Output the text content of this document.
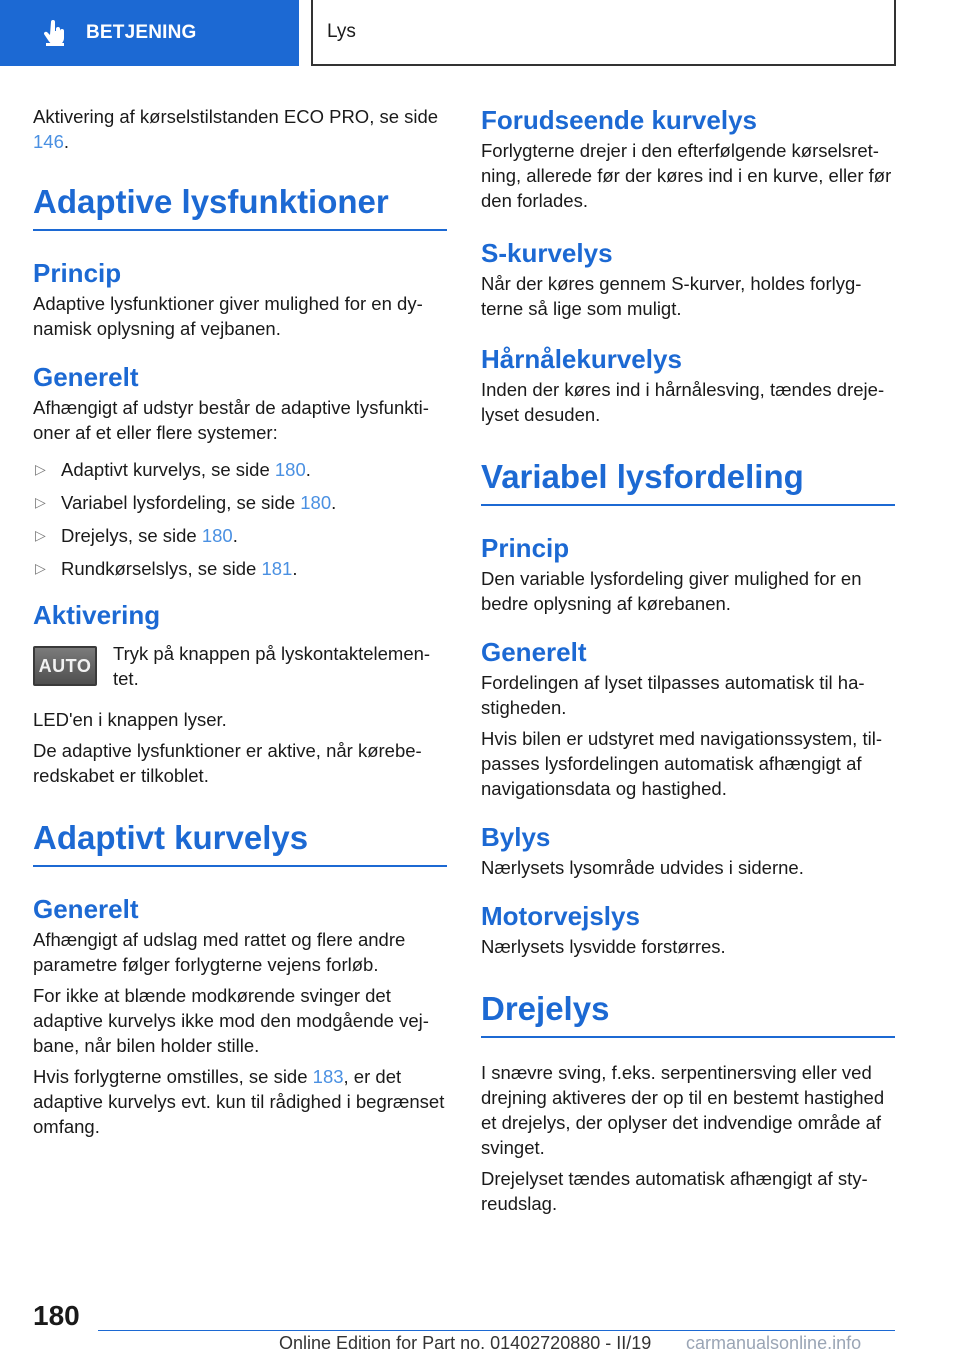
BETJENING	Lys

Aktivering af kørselstilstanden ECO PRO, se side 146.

Adaptive lysfunktioner
Princip

Adaptive lysfunktioner giver mulighed for en dynamisk oplysning af vejbanen.

Generelt

Afhængigt af udstyr består de adaptive lysfunktioner af et eller flere systemer:

▷ Adaptivt kurvelys, se side 180.
▷ Variabel lysfordeling, se side 180.
▷ Drejelys, se side 180.
▷ Rundkørselslys, se side 181.
Aktivering
AUTO

Tryk på knappen på lyskontaktelementet.

LED'en i knappen lyser.

De adaptive lysfunktioner er aktive, når køreberedskabet er tilkoblet.

Adaptivt kurvelys
Generelt

Afhængigt af udslag med rattet og flere andre parametre følger forlygterne vejens forløb.

For ikke at blænde modkørende svinger det adaptive kurvelys ikke mod den modgående vejbane, når bilen holder stille.

Hvis forlygterne omstilles, se side 183, er det adaptive kurvelys evt. kun til rådighed i begrænset omfang.

Forudseende kurvelys

Forlygterne drejer i den efterfølgende kørselsretning, allerede før der køres ind i en kurve, eller før den forlades.

S-kurvelys

Når der køres gennem S-kurver, holdes forlygterne så lige som muligt.

Hårnålekurvelys

Inden der køres ind i hårnålesving, tændes drejelyset desuden.

Variabel lysfordeling
Princip

Den variable lysfordeling giver mulighed for en bedre oplysning af kørebanen.

Generelt

Fordelingen af lyset tilpasses automatisk til hastigheden.

Hvis bilen er udstyret med navigationssystem, tilpasses lysfordelingen automatisk afhængigt af navigationsdata og hastighed.

Bylys

Nærlysets lysområde udvides i siderne.

Motorvejslys

Nærlysets lysvidde forstørres.

Drejelys

I snævre sving, f.eks. serpentinersving eller ved drejning aktiveres der op til en bestemt hastighed et drejelys, der oplyser det indvendige område af svinget.

Drejelyset tændes automatisk afhængigt af styreudslag.

180
Online Edition for Part no. 01402720880 - II/19 carmanualsonline.info
